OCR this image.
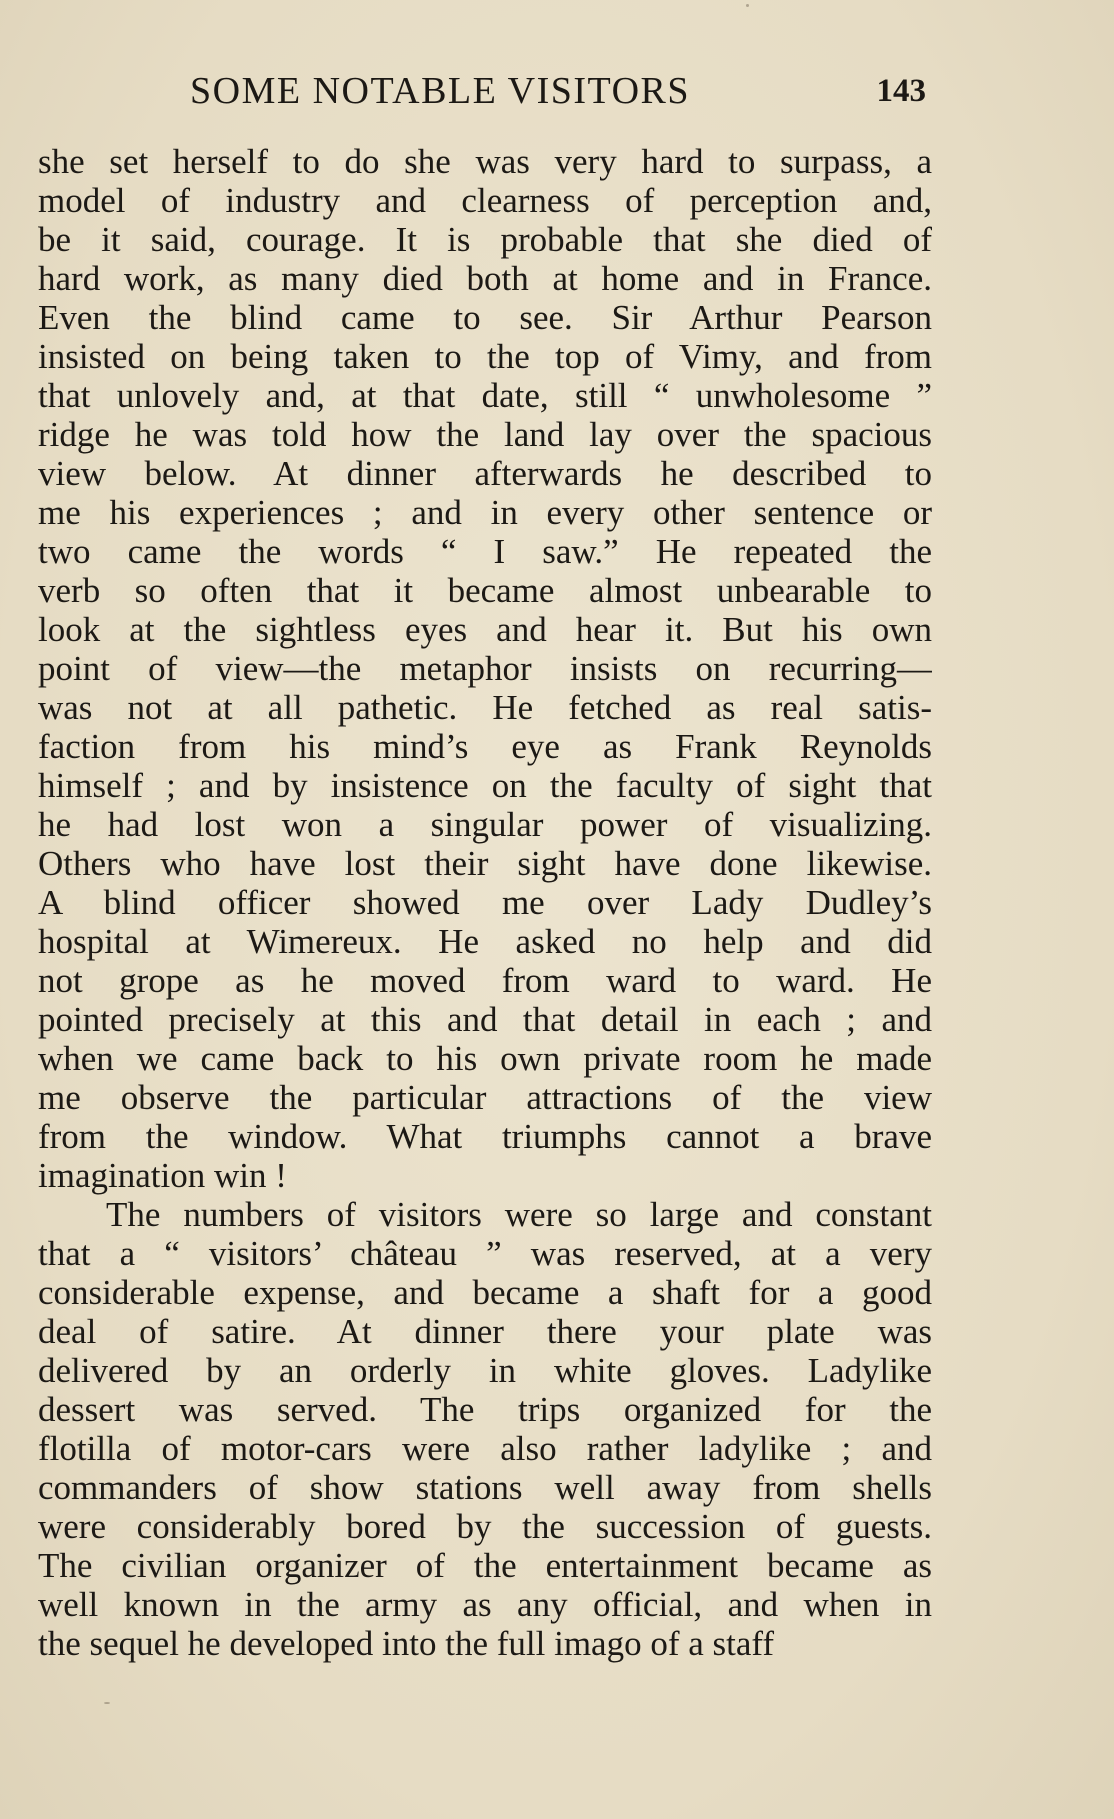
SOME NOTABLE VISITORS	143
she set herself to do she was very hard to surpass, a
model of industry and clearness of perception and,
be it said, courage. It is probable that she died of
hard work, as many died both at home and in France.
Even the blind came to see. Sir Arthur Pearson
insisted on being taken to the top of Vimy, and from
that unlovely and, at that date, still “ unwholesome ”
ridge he was told how the land lay over the spacious
view below. At dinner afterwards he described to
me his experiences ; and in every other sentence or
two came the words “ I saw.” He repeated the
verb so often that it became almost unbearable to
look at the sightless eyes and hear it. But his own
point of view—the metaphor insists on recurring—
was not at all pathetic. He fetched as real satis-
faction from his mind’s eye as Frank Reynolds
himself ; and by insistence on the faculty of sight that
he had lost won a singular power of visualizing.
Others who have lost their sight have done likewise.
A blind officer showed me over Lady Dudley’s
hospital at Wimereux. He asked no help and did
not grope as he moved from ward to ward. He
pointed precisely at this and that detail in each ; and
when we came back to his own private room he made
me observe the particular attractions of the view
from the window. What triumphs cannot a brave
imagination win !
The numbers of visitors were so large and constant
that a “ visitors’ château ” was reserved, at a very
considerable expense, and became a shaft for a good
deal of satire. At dinner there your plate was
delivered by an orderly in white gloves. Ladylike
dessert was served. The trips organized for the
flotilla of motor-cars were also rather ladylike ; and
commanders of show stations well away from shells
were considerably bored by the succession of guests.
The civilian organizer of the entertainment became as
well known in the army as any official, and when in
the sequel he developed into the full imago of a staff
